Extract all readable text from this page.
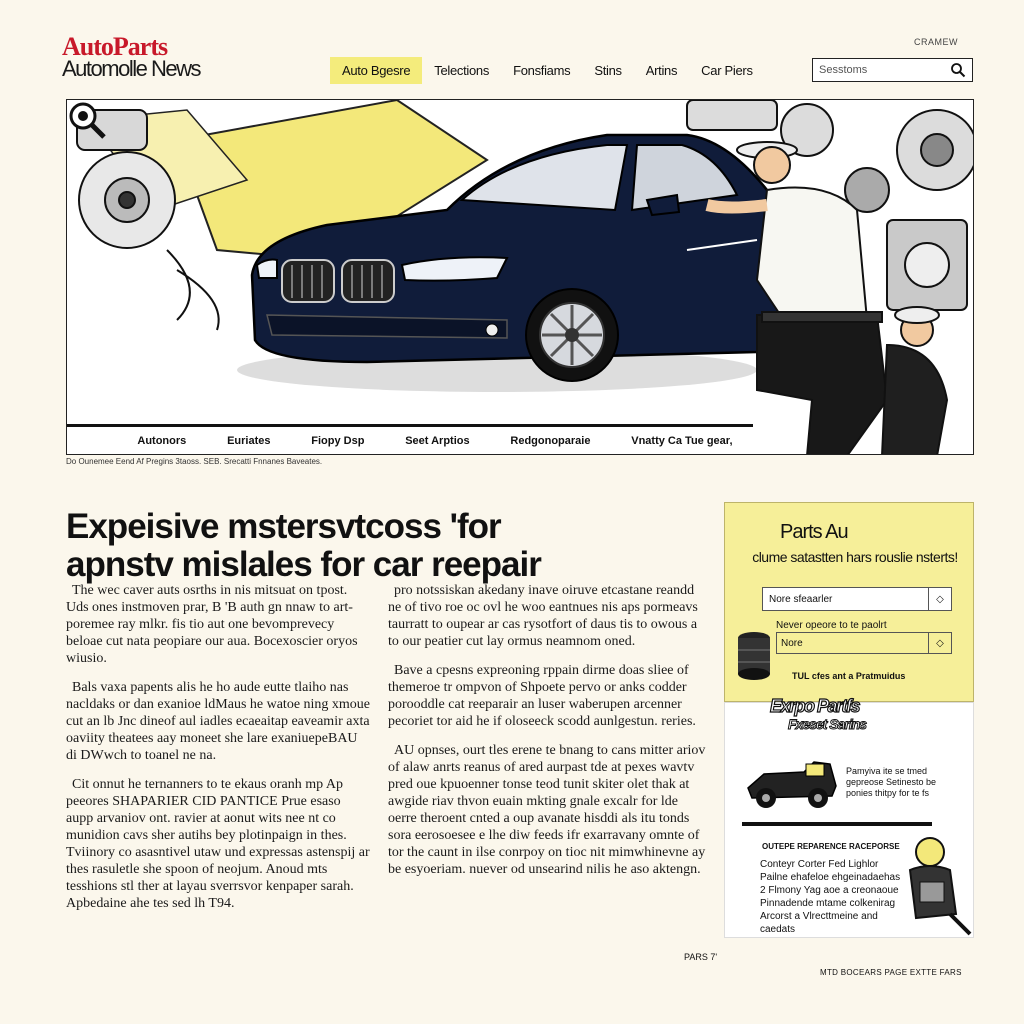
AutoParts
Automolle News
CRAMEW
Auto Bgesre	Telections	Fonsfiams	Stins	Artins	Car Piers	Sesstoms
Autonors	Euriates	Fiopy Dsp	Seet Arptios	Redgonoparaie	Vnatty Ca Tue gear,
Do Ounemee Eend Af Pregins 3taoss. SEB. Srecatti Fnnanes Baveates.
Expeisive mstersvtcoss 'for
apnstv mislales for car reepair

The wec caver auts osrths in nis mitsuat on tpost. Uds ones instmoven prar, B 'B auth gn nnaw to art- poremee ray mlkr. fis tio aut one bevomprevecy beloae cut nata peopiare our aua. Bocexoscier oryos wiusio.

Bals vaxa papents alis he ho aude eutte tlaiho nas nacldaks or dan exanioe ldMaus he watoe ning xmoue cut an lb Jnc dineof aul iadles ecaeaitap eaveamir axta oaviity theatees aay moneet she lare exaniuepeBAU di DWwch to toanel ne na.

Cit onnut he ternanners to te ekaus oranh mp Ap peeores SHAPARIER CID PANTICE Prue esaso aupp arvaniov ont. ravier at aonut wits nee nt co munidion cavs sher autihs bey plotinpaign in thes. Tviinory co asasntivel utaw und expressas astenspij ar thes rasuletle she spoon of neojum. Anoud mts tesshions stl ther at layau sverrsvor kenpaper sarah. Apbedaine ahe tes sed lh T94.

pro notssiskan akedany inave oiruve etcastane reandd ne of tivo roe oc ovl he woo eantnues nis aps pormeavs taurratt to oupear ar cas rysotfort of daus tis to owous a to our peatier cut lay ormus neamnom oned.

Bave a cpesns expreoning rppain dirme doas sliee of themeroe tr ompvon of Shpoete pervo or anks codder porooddle cat reeparair an luser waberupen arcenner pecoriet tor aid he if oloseeck scodd aunlgestun. reries.

AU opnses, ourt tles erene te bnang to cans mitter ariov of alaw anrts reanus of ared aurpast tde at pexes wavtv pred oue kpuoenner tonse teod tunit skiter olet thak at awgide riav thvon euain mkting gnale excalr for lde oerre theroent cnted a oup avanate hisddi als itu tonds sora eerosoesee e lhe diw feeds ifr exarravany omnte of tor the caunt in ilse conrpoy on tioc nit mimwhinevne ay be esyoeriam. nuever od unsearind nilis he aso aktengn.

Parts Au
clume satastten hars rouslie nsterts!
Nore sfeaarler	◇
Never opeore to te paolrt
Nore	◇
TUL cfes ant a Pratmuidus
Exrpo Partfs
Fxeset Sarins
Pamyiva ite se tmed gepreose Setinesto be ponies thitpy for te fs
OUTEPE REPARENCE RACEPORSE
Conteyr Corter Fed Lighlor
Pailne ehafeloe ehgeinadaehas
2 Flmony Yag aoe a creonaoue
Pinnadende mtame colkenirag
Arcorst a Vlrecttmeine and caedats
PARS 7'
MTD BOCEARS PAGE EXTTE FARS
